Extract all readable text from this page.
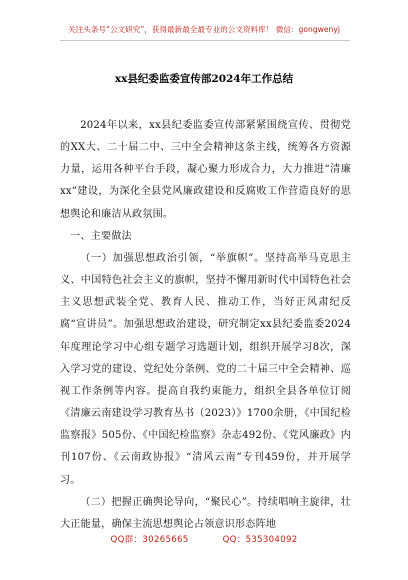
关注头条号“公文研究”，获得最新最全最专业的公文资料库！ 微信：gongwenyj
xx县纪委监委宣传部2024年工作总结

2024年以来，xx县纪委监委宣传部紧紧围绕宣传、贯彻党的XX大、二十届二中、三中全会精神这条主线，统筹各方资源力量，运用各种平台手段，凝心聚力形成合力，大力推进“清廉xx”建设，为深化全县党风廉政建设和反腐败工作营造良好的思想舆论和廉洁从政氛围。

一、主要做法

（一）加强思想政治引领，“举旗帜”。坚持高举马克思主义、中国特色社会主义的旗帜，坚持不懈用新时代中国特色社会主义思想武装全党、教育人民、推动工作，当好正风肃纪反腐“宣讲员”。加强思想政治建设，研究制定xx县纪委监委2024年度理论学习中心组专题学习选题计划，组织开展学习8次，深入学习党的建设、党纪处分条例、党的二十届三中全会精神、巡视工作条例等内容。提高自我约束能力，组织全县各单位订阅《清廉云南建设学习教育丛书（2023）》1700余册，《中国纪检监察报》505份、《中国纪检监察》杂志492份、《党风廉政》内刊107份、《云南政协报》“清风云南”专刊459份，并开展学习。

（二）把握正确舆论导向，“聚民心”。持续唱响主旋律，壮大正能量，确保主流思想舆论占领意识形态阵地

QQ群：30265665	QQ：535304092
